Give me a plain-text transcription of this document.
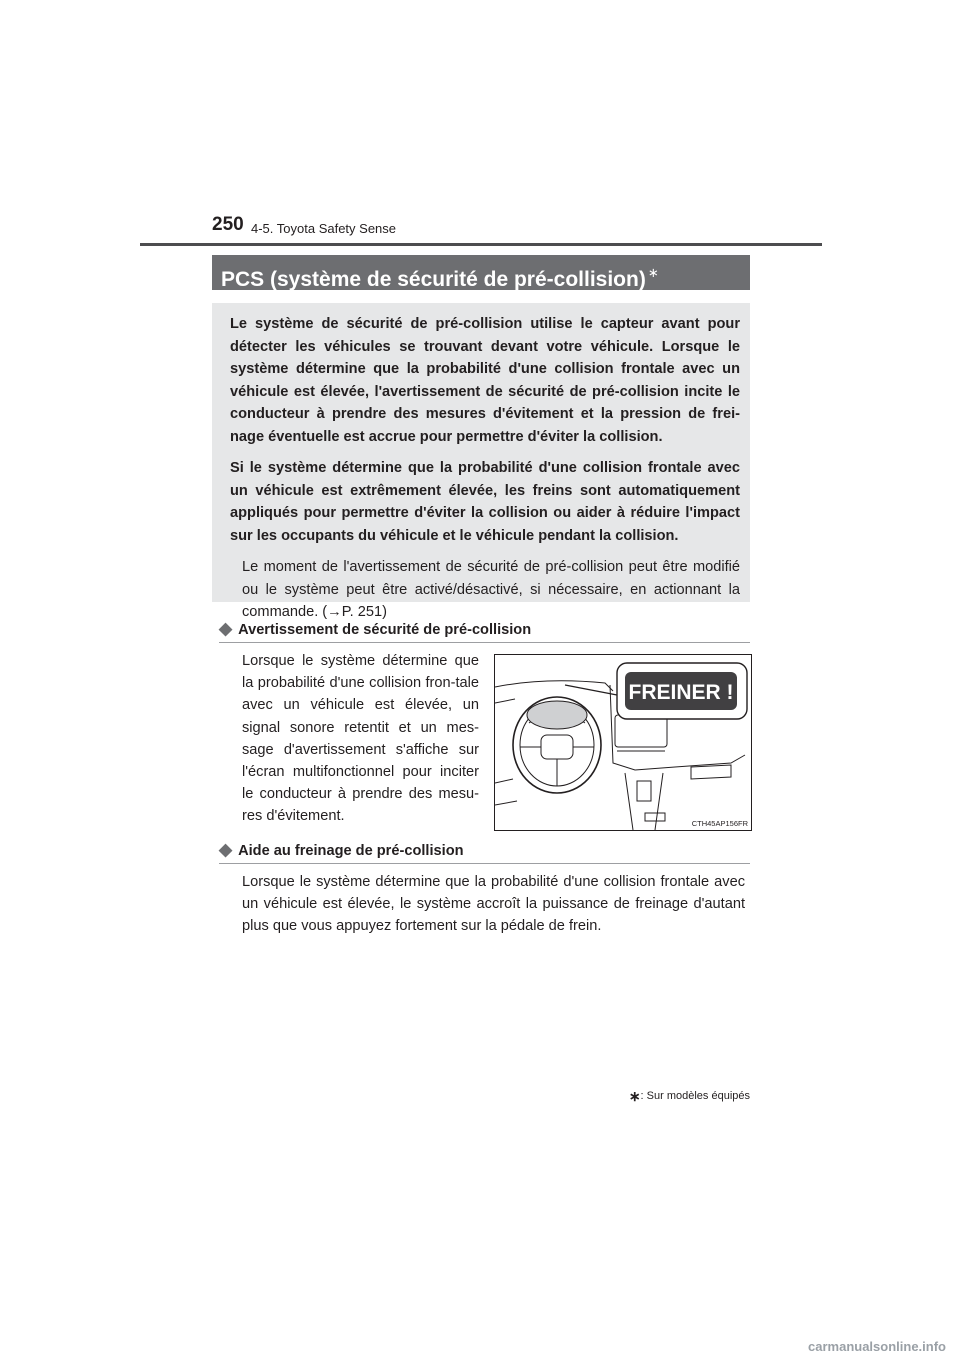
250 4-5. Toyota Safety Sense
PCS (système de sécurité de pré-collision) ∗

Le système de sécurité de pré-collision utilise le capteur avant pour détecter les véhicules se trouvant devant votre véhicule. Lorsque le système détermine que la probabilité d'une collision frontale avec un véhicule est élevée, l'avertissement de sécurité de pré-collision incite le conducteur à prendre des mesures d'évitement et la pression de frei-nage éventuelle est accrue pour permettre d'éviter la collision.

Si le système détermine que la probabilité d'une collision frontale avec un véhicule est extrêmement élevée, les freins sont automatiquement appliqués pour permettre d'éviter la collision ou aider à réduire l'impact sur les occupants du véhicule et le véhicule pendant la collision.

Le moment de l'avertissement de sécurité de pré-collision peut être modifié ou le système peut être activé/désactivé, si nécessaire, en actionnant la commande. (→P. 251)

◆ Avertissement de sécurité de pré-collision
Lorsque le système détermine que la probabilité d'une collision fron-tale avec un véhicule est élevée, un signal sonore retentit et un mes-sage d'avertissement s'affiche sur l'écran multifonctionnel pour inciter le conducteur à prendre des mesu-res d'évitement.
FREINER !
CTH45AP156FR
◆ Aide au freinage de pré-collision
Lorsque le système détermine que la probabilité d'une collision frontale avec un véhicule est élevée, le système accroît la puissance de freinage d'autant plus que vous appuyez fortement sur la pédale de frein.
∗: Sur modèles équipés
carmanualsonline.info
